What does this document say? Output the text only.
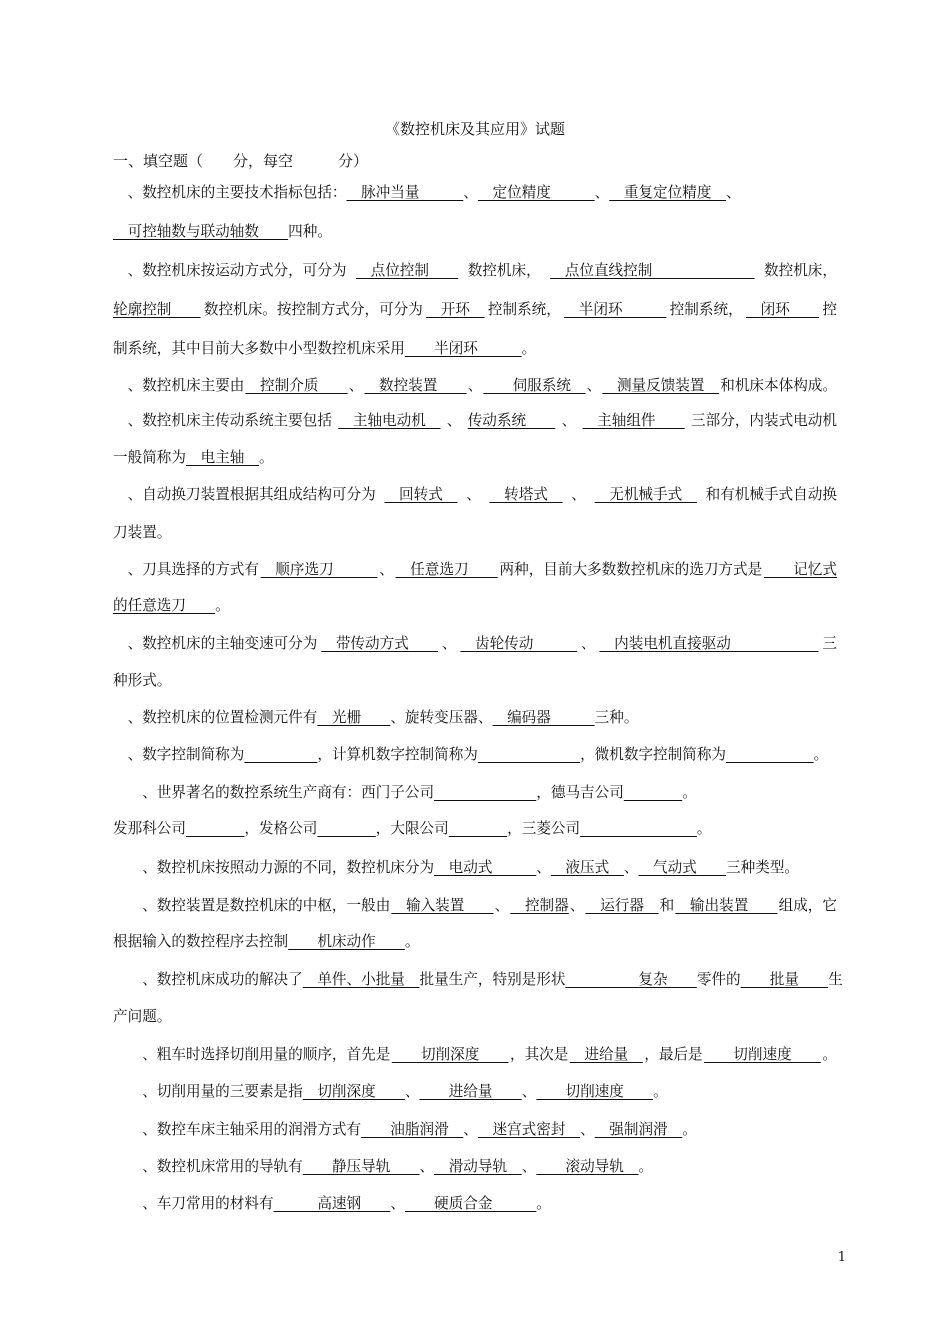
《数控机床及其应用》试题
一、填空题（　　分，每空　　　分）
　、数控机床的主要技术指标包括： 　脉冲当量　　　 、 　定位精度　　　 、 　重复定位精度　 、
　可控轴数与联动轴数　　 四种。
　、数控机床按运动方式分，可分为 　点位控制　　 数控机床， 　点位直线控制　　　　　　　 数控机床，
轮廓控制　　 数控机床。按控制方式分，可分为 　开环　 控制系统， 　半闭环　　　 控制系统， 　闭环　　 控
制系统，其中目前大多数中小型数控机床采用 　　半闭环　　　 。
　、数控机床主要由 　控制介质　　 、 　数控装置　　 、 　　伺服系统　 、 　测量反馈装置　 和机床本体构成。
　、数控机床主传动系统主要包括 　主轴电动机　 、 传动系统　　 、 　主轴组件　　 三部分，内装式电动机
一般简称为 　电主轴　 。
　、自动换刀装置根据其组成结构可分为 　回转式　 、 　转塔式　 、 　无机械手式　 和有机械手式自动换
刀装置。
　、刀具选择的方式有 　顺序选刀　　　 、 　任意选刀　　 两种，目前大多数数控机床的选刀方式是 　　记忆式
的任意选刀　　 。
　、数控机床的主轴变速可分为 　带传动方式　　 、 　齿轮传动　　　 、 　内装电机直接驱动　　　　　　 三
种形式。
　、数控机床的位置检测元件有 　光栅　　 、旋转变压器、 　编码器　　　 三种。
　、数字控制简称为
　　　　　	，计算机数字控制简称为
　　　　　　　	，微机数字控制简称为
　　　　　　	。
　　、世界著名的数控系统生产商有：西门子公司
　　　　　　　	，德马吉公司
　　　　	。
发那科公司
　　　　	，发格公司
　　　　	，大限公司
　　　　	，三菱公司
　　　　　　　　	。
　　、数控机床按照动力源的不同，数控机床分为 　电动式　　　 、 　液压式　 、 　气动式　　 三种类型。
　　、数控装置是数控机床的中枢，一般由 　输入装置　　 、 　控制器 、 　运行器　 和 　输出装置　　 组成，它
根据输入的数控程序去控制 　　机床动作　　 。
　　、数控机床成功的解决了 　单件、小批量　 批量生产，特别是形状 　　　　　复杂　　 零件的 　　批量　　 生
产问题。
　　、粗车时选择切削用量的顺序，首先是 　　切削深度　　 ，其次是 　进给量　 ，最后是 　　切削速度　　 。
　　、切削用量的三要素是指 　切削深度　　 、 　　进给量　　 、 　　切削速度　　 。
　　、数控车床主轴采用的润滑方式有 　　油脂润滑　 、 　迷宫式密封　 、 　强制润滑　 。
　　、数控机床常用的导轨有 　　静压导轨　　 、 　滑动导轨　 、 　　滚动导轨　 。
　　、车刀常用的材料有 　　　高速钢　　 、 　　硬质合金　　　 。
1
